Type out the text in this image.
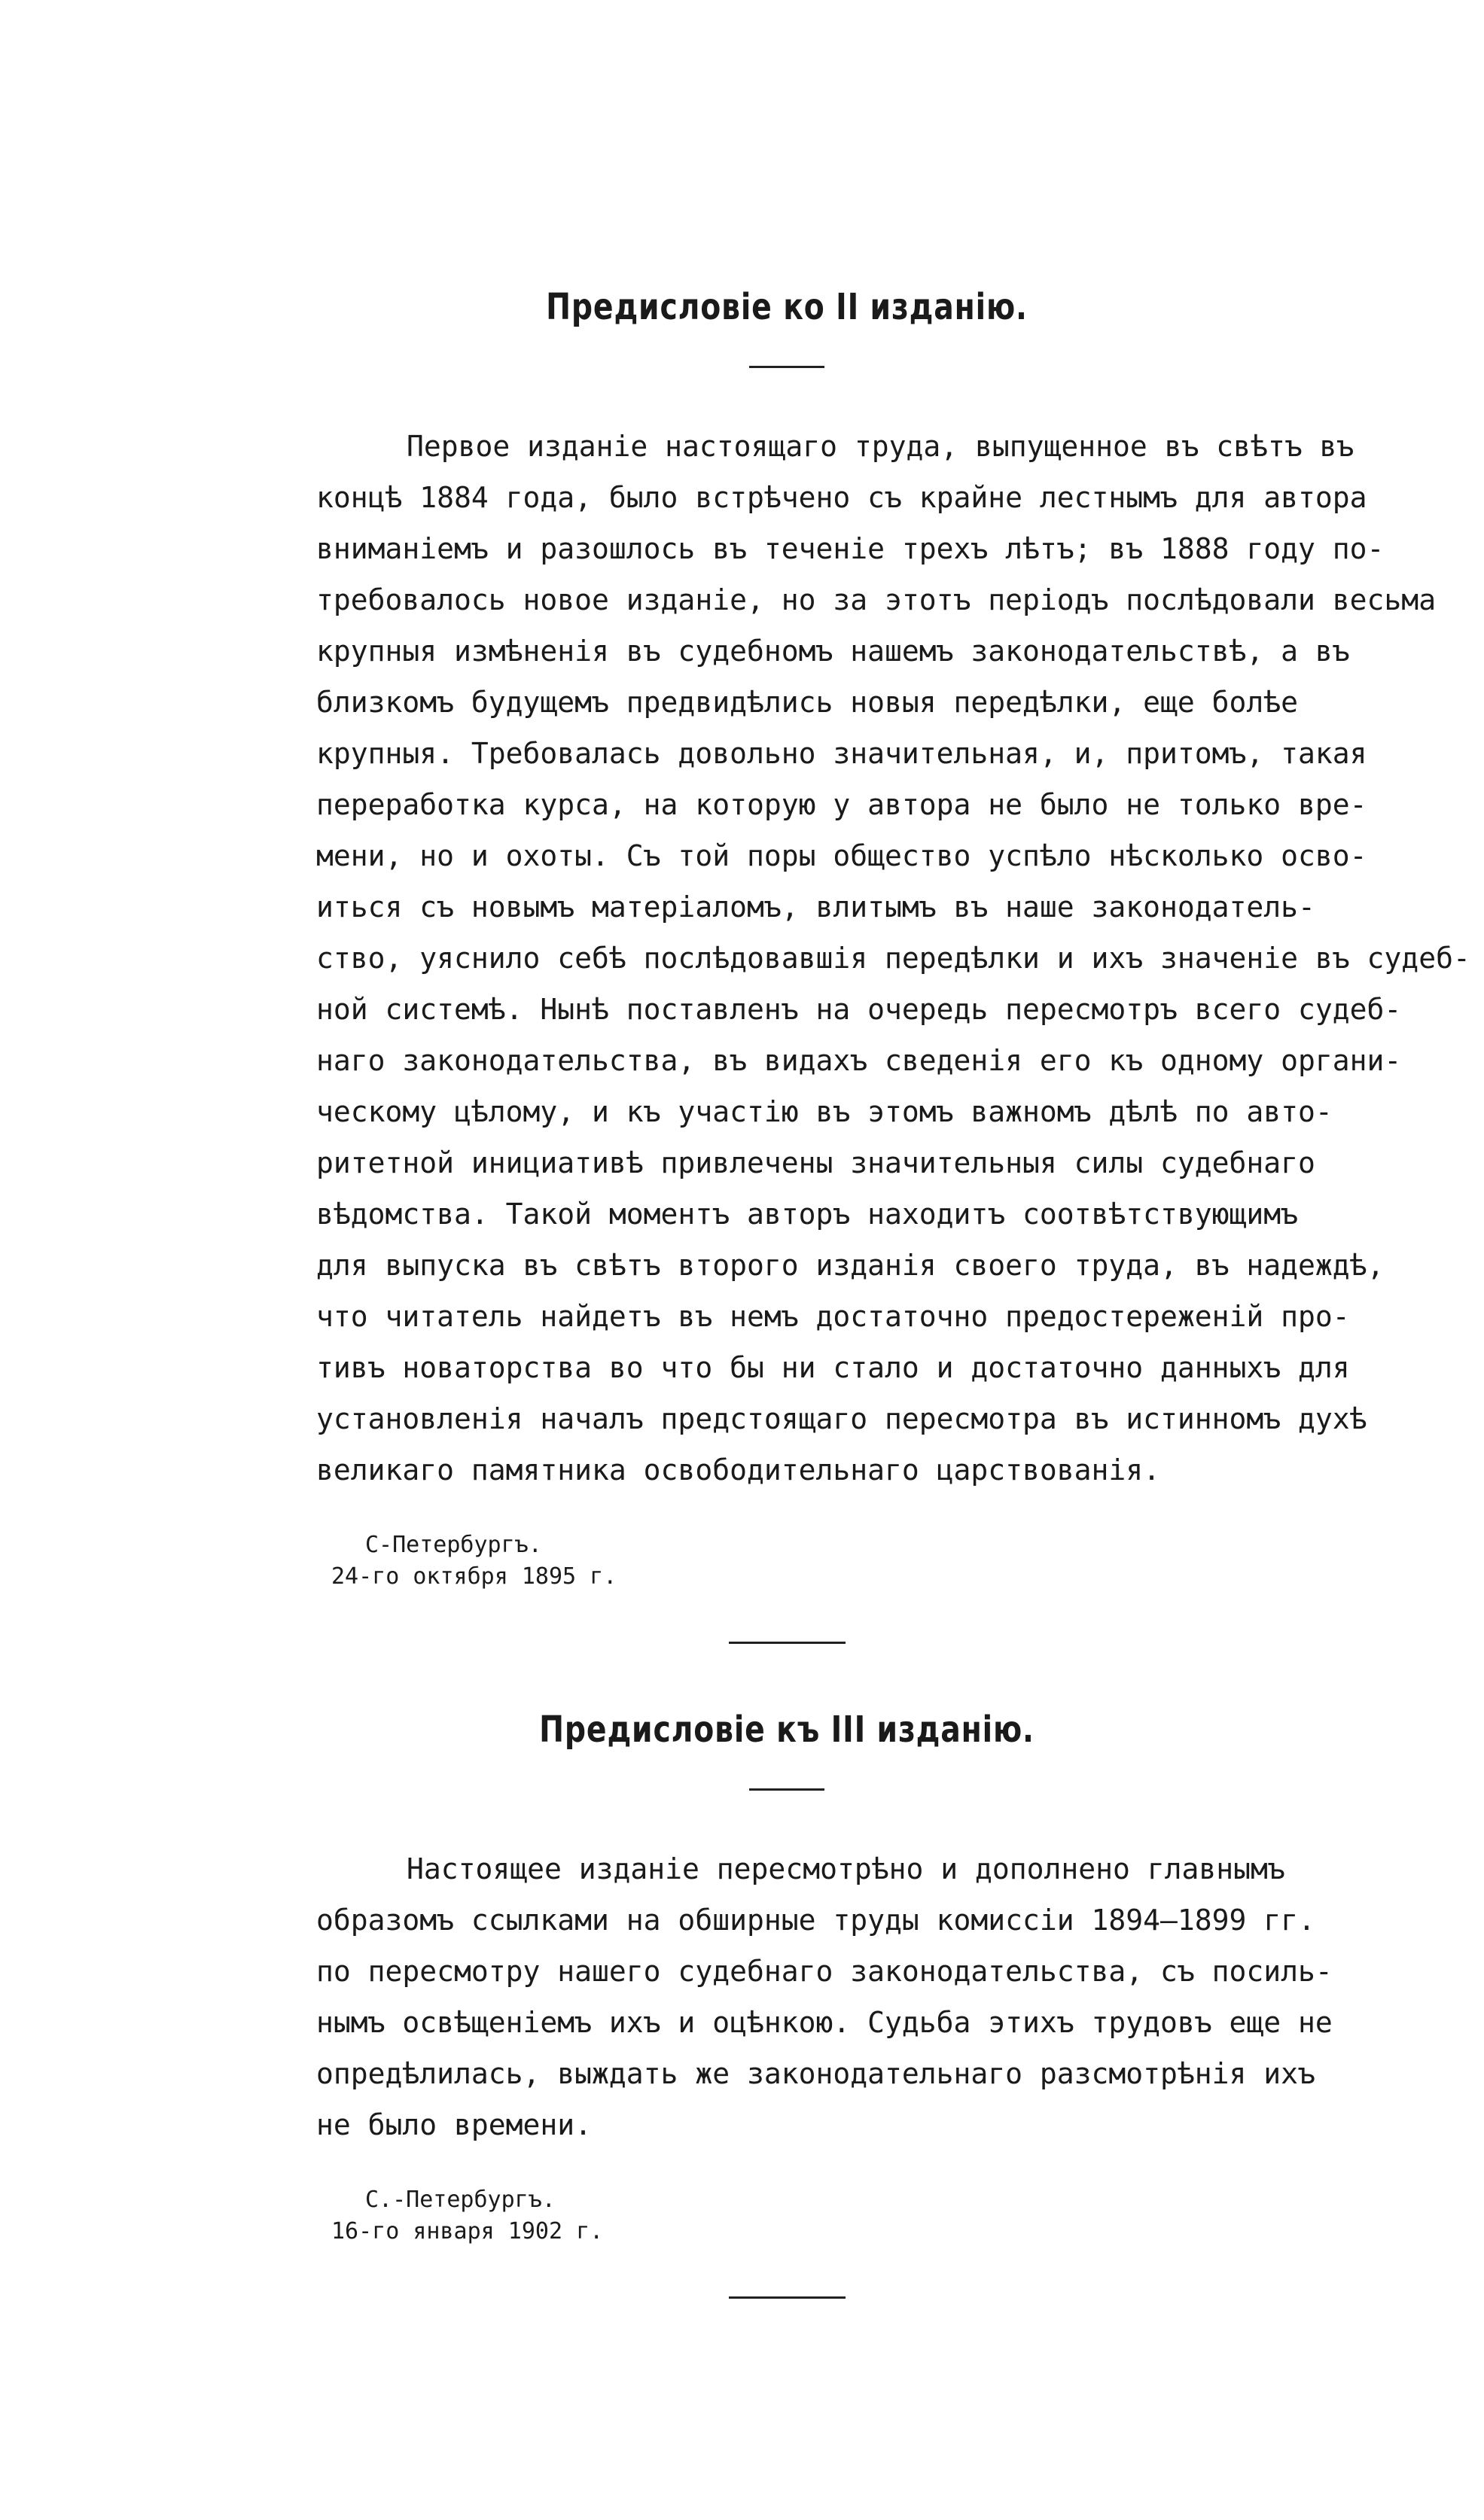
Предисловіе ко II изданію.
Первое изданіе настоящаго труда, выпущенное въ свѣтъ въ
концѣ 1884 года, было встрѣчено съ крайне лестнымъ для автора
вниманіемъ и разошлось въ теченіе трехъ лѣтъ; въ 1888 году по-
требовалось новое изданіе, но за этотъ періодъ послѣдовали весьма
крупныя измѣненія въ судебномъ нашемъ законодательствѣ, а въ
близкомъ будущемъ предвидѣлись новыя передѣлки, еще болѣе
крупныя. Требовалась довольно значительная, и, притомъ, такая
переработка курса, на которую у автора не было не только вре-
мени, но и охоты. Съ той поры общество успѣло нѣсколько осво-
иться съ новымъ матеріаломъ, влитымъ въ наше законодатель-
ство, уяснило себѣ послѣдовавшія передѣлки и ихъ значеніе въ судеб-
ной системѣ. Нынѣ поставленъ на очередь пересмотръ всего судеб-
наго законодательства, въ видахъ сведенія его къ одному органи-
ческому цѣлому, и къ участію въ этомъ важномъ дѣлѣ по авто-
ритетной инициативѣ привлечены значительныя силы судебнаго
вѣдомства. Такой моментъ авторъ находитъ соотвѣтствующимъ
для выпуска въ свѣтъ второго изданія своего труда, въ надеждѣ,
что читатель найдетъ въ немъ достаточно предостереженій про-
тивъ новаторства во что бы ни стало и достаточно данныхъ для
установленія началъ предстоящаго пересмотра въ истинномъ духѣ
великаго памятника освободительнаго царствованія.
С-Петербургъ.
24-го октября 1895 г.
Предисловіе къ III изданію.
Настоящее изданіе пересмотрѣно и дополнено главнымъ
образомъ ссылками на обширные труды комиссіи 1894—1899 гг.
по пересмотру нашего судебнаго законодательства, съ посиль-
нымъ освѣщеніемъ ихъ и оцѣнкою. Судьба этихъ трудовъ еще не
опредѣлилась, выждать же законодательнаго разсмотрѣнія ихъ
не было времени.
С.-Петербургъ.
16-го января 1902 г.
